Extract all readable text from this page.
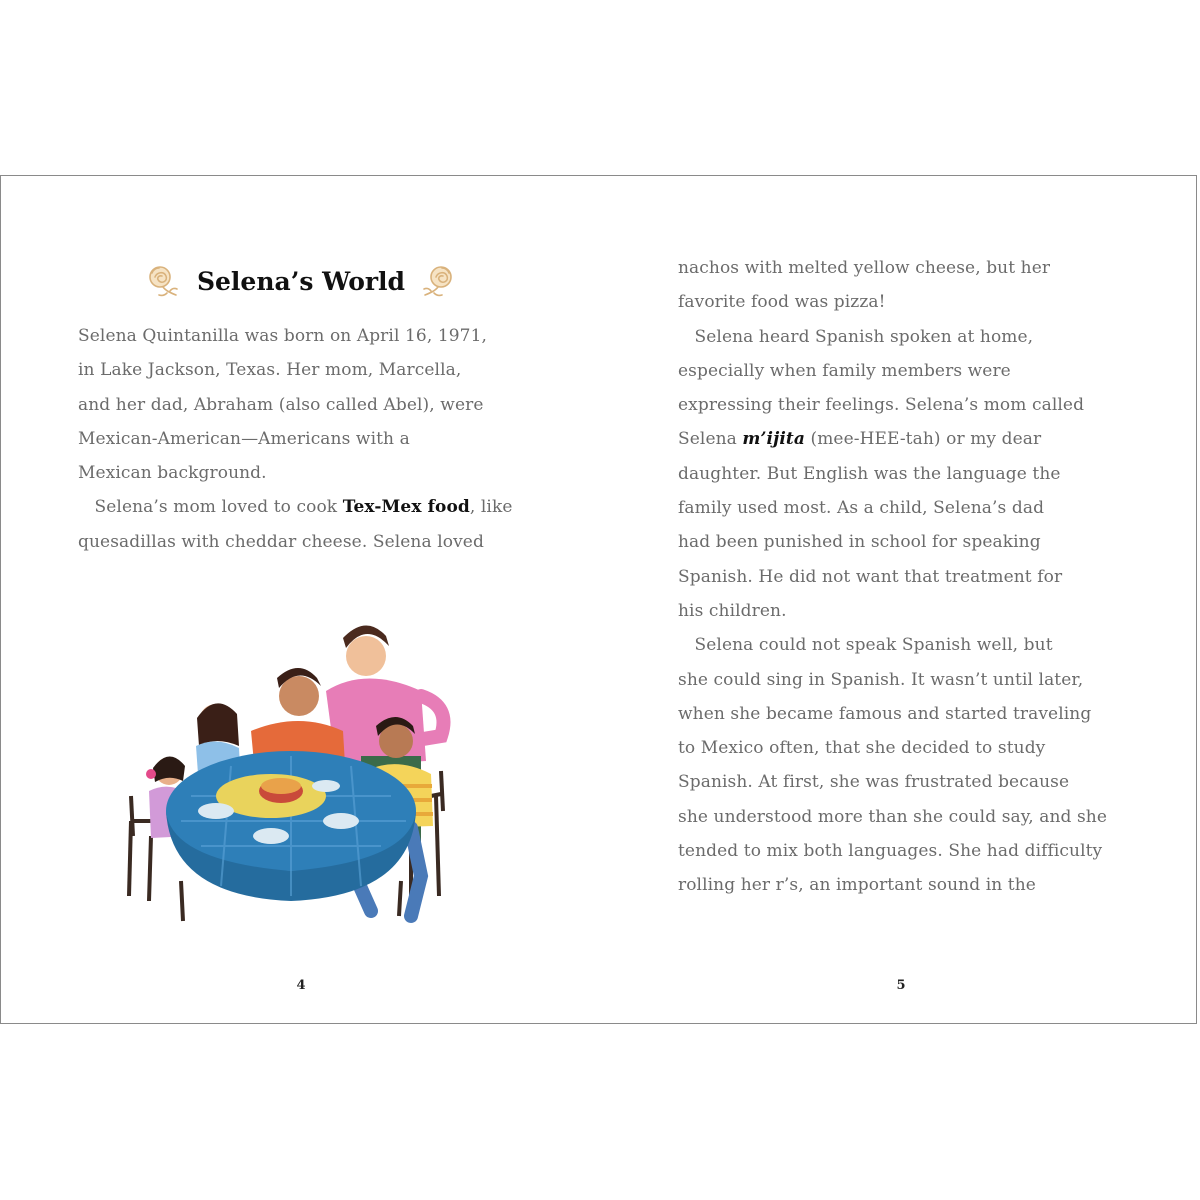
Selena’s World
Selena Quintanilla was born on April 16, 1971,
in Lake Jackson, Texas. Her mom, Marcella,
and her dad, Abraham (also called Abel), were
Mexican-American—Americans with a
Mexican background.
Selena’s mom loved to cook Tex-Mex food, like
quesadillas with cheddar cheese. Selena loved
4
nachos with melted yellow cheese, but her
favorite food was pizza!
Selena heard Spanish spoken at home,
especially when family members were
expressing their feelings. Selena’s mom called
Selena m’ijita (mee-HEE-tah) or my dear
daughter. But English was the language the
family used most. As a child, Selena’s dad
had been punished in school for speaking
Spanish. He did not want that treatment for
his children.
Selena could not speak Spanish well, but
she could sing in Spanish. It wasn’t until later,
when she became famous and started traveling
to Mexico often, that she decided to study
Spanish. At first, she was frustrated because
she understood more than she could say, and she
tended to mix both languages. She had difficulty
rolling her r’s, an important sound in the
5
